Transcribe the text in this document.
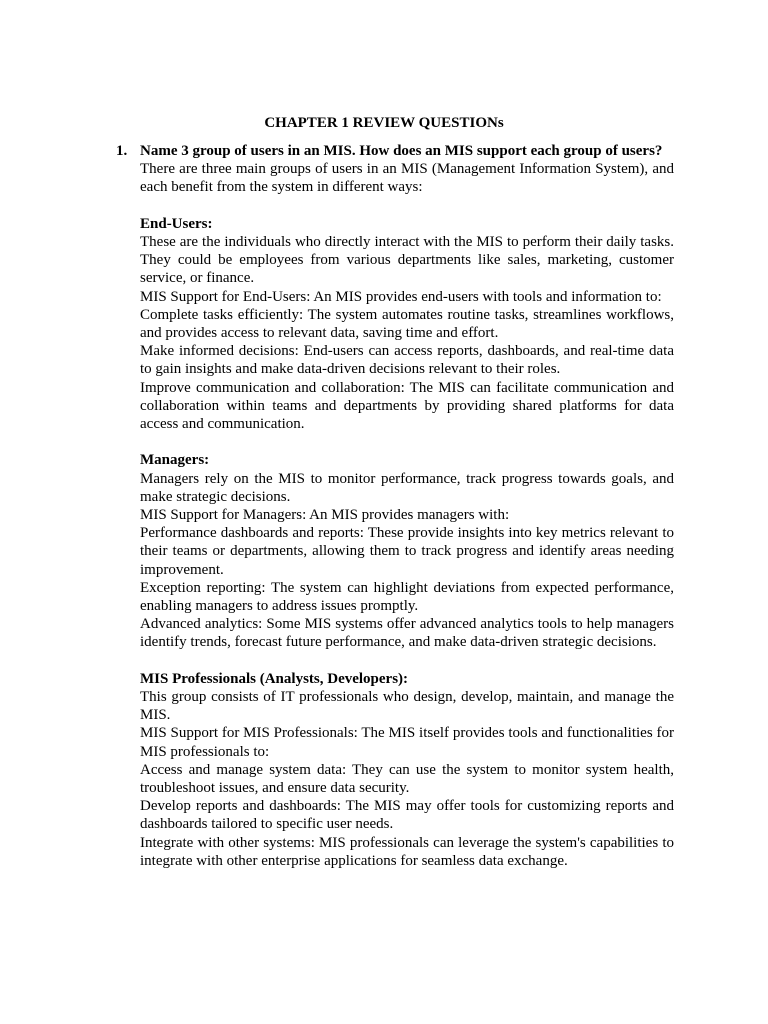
CHAPTER 1 REVIEW QUESTIONs
1. Name 3 group of users in an MIS. How does an MIS support each group of users?

There are three main groups of users in an MIS (Management Information System), and each benefit from the system in different ways:

End-Users:

These are the individuals who directly interact with the MIS to perform their daily tasks. They could be employees from various departments like sales, marketing, customer service, or finance.

MIS Support for End-Users: An MIS provides end-users with tools and information to:

Complete tasks efficiently: The system automates routine tasks, streamlines workflows, and provides access to relevant data, saving time and effort.

Make informed decisions: End-users can access reports, dashboards, and real-time data to gain insights and make data-driven decisions relevant to their roles.

Improve communication and collaboration: The MIS can facilitate communication and collaboration within teams and departments by providing shared platforms for data access and communication.

Managers:

Managers rely on the MIS to monitor performance, track progress towards goals, and make strategic decisions.

MIS Support for Managers: An MIS provides managers with:

Performance dashboards and reports: These provide insights into key metrics relevant to their teams or departments, allowing them to track progress and identify areas needing improvement.

Exception reporting: The system can highlight deviations from expected performance, enabling managers to address issues promptly.

Advanced analytics: Some MIS systems offer advanced analytics tools to help managers identify trends, forecast future performance, and make data-driven strategic decisions.

MIS Professionals (Analysts, Developers):

This group consists of IT professionals who design, develop, maintain, and manage the MIS.

MIS Support for MIS Professionals: The MIS itself provides tools and functionalities for MIS professionals to:

Access and manage system data: They can use the system to monitor system health, troubleshoot issues, and ensure data security.

Develop reports and dashboards: The MIS may offer tools for customizing reports and dashboards tailored to specific user needs.

Integrate with other systems: MIS professionals can leverage the system's capabilities to integrate with other enterprise applications for seamless data exchange.
